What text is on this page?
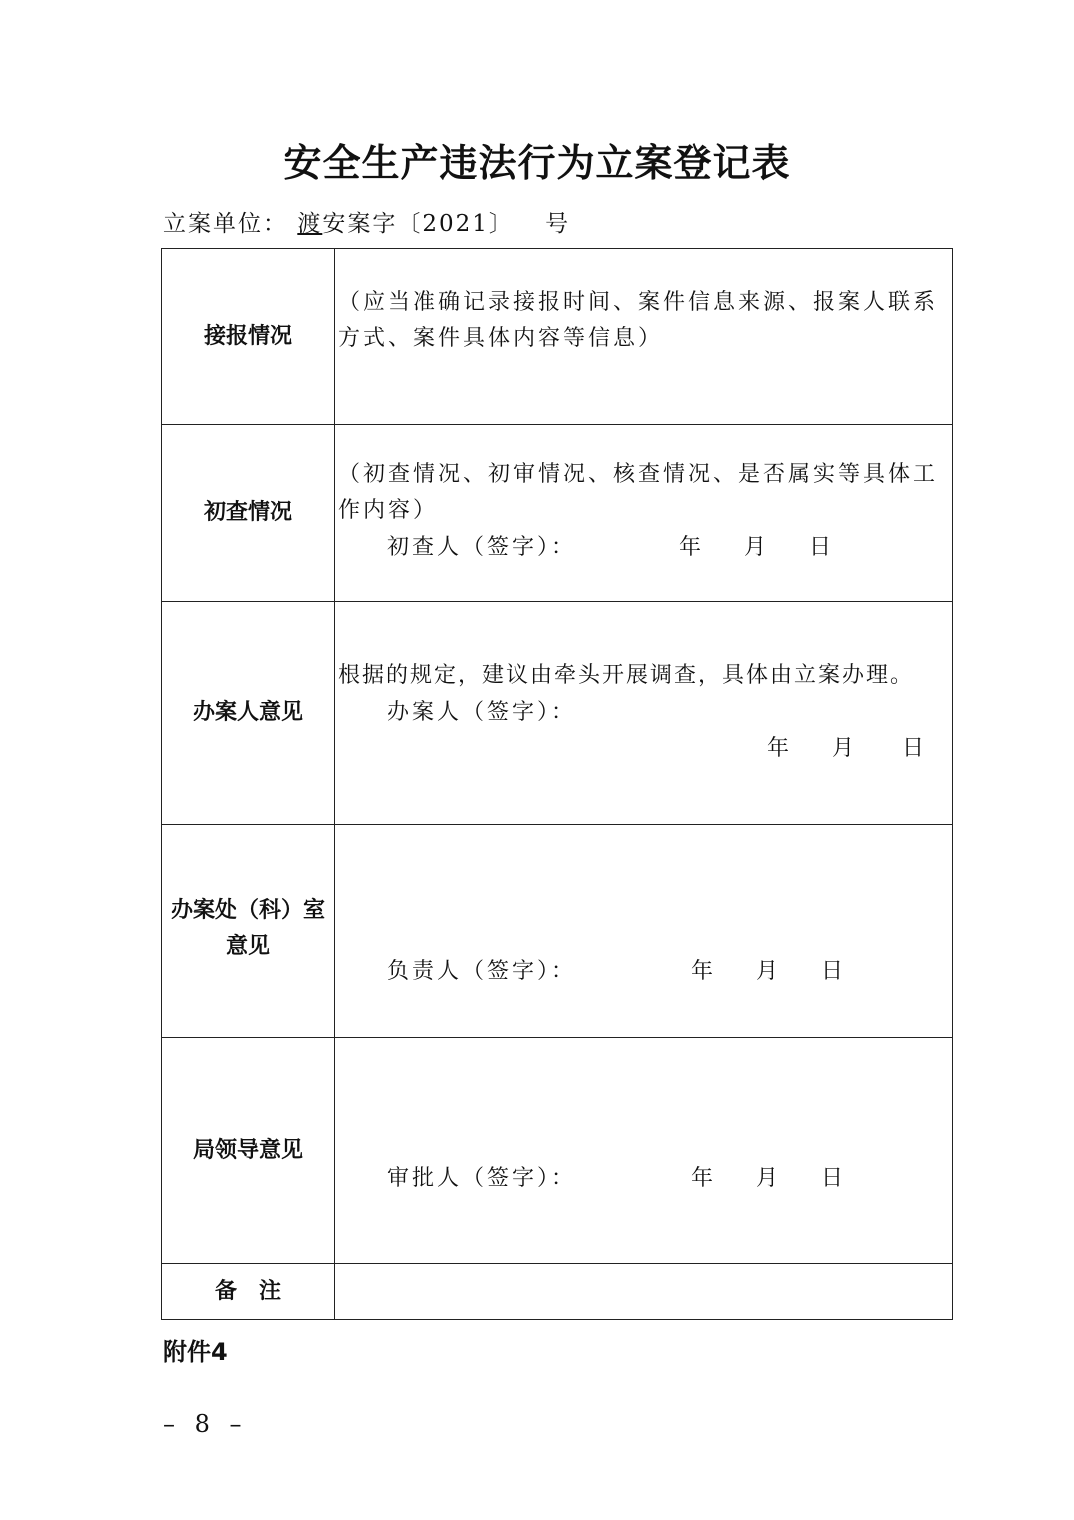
安全生产违法行为立案登记表
立案单位： 渡安案字〔2021〕 号
接报情况	（应当准确记录接报时间、案件信息来源、报案人联系方式、案件具体内容等信息）

初查情况	（初查情况、初审情况、核查情况、是否属实等具体工作内容）
初查人（签字）： 年 月 日

办案人意见	根据的规定，建议由牵头开展调查，具体由立案办理。
办案人（签字）：
年 月 日

办案处（科）室意见	负责人（签字）： 年 月 日

局领导意见	审批人（签字）： 年 月 日

备　注	
附件4
– 8 –
